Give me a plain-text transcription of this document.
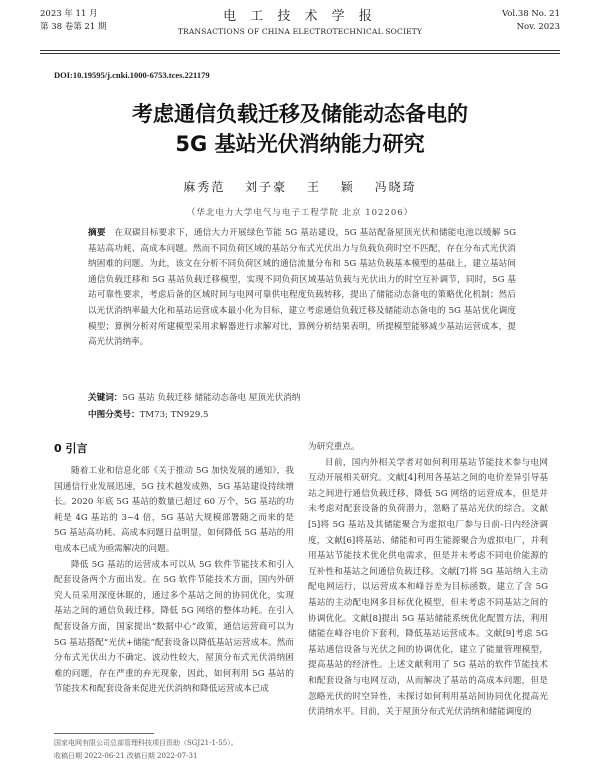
2023 年 11 月
第 38 卷第 21 期
电 工 技 术 学 报
TRANSACTIONS OF CHINA ELECTROTECHNICAL SOCIETY
Vol.38 No. 21
Nov. 2023
DOI:10.19595/j.cnki.1000-6753.tces.221179
考虑通信负载迁移及储能动态备电的
5G 基站光伏消纳能力研究
麻秀范 刘子豪 王 颖 冯晓琦
（华北电力大学电气与电子工程学院 北京 102206）
摘要　 在双碳目标要求下，通信大力开展绿色节能 5G 基站建设，5G 基站配备屋顶光伏和储能电池以缓解 5G 基站高功耗、高成本问题。然而不同负荷区域的基站分布式光伏出力与负载负荷时空不匹配，存在分布式光伏消纳困难的问题。为此，该文在分析不同负荷区域的通信流量分布和 5G 基站负载基本模型的基础上，建立基站间通信负载迁移和 5G 基站负载迁移模型，实现不同负荷区域基站负载与光伏出力的时空互补调节，同时，5G 基站可靠性要求，考虑后备的区域时间与电网可靠供电程度负载转移，提出了储能动态备电的策略优化机制；然后以光伏消纳率最大化和基站运营成本最小化为目标，建立考虑通信负载迁移及储能动态备电的 5G 基站优化调度模型；算例分析对所建模型采用求解器进行求解对比，算例分析结果表明，所提模型能够减少基站运营成本，提高光伏消纳率。
关键词：5G 基站 负载迁移 储能动态备电 屋顶光伏消纳
中图分类号：TM73; TN929.5
0 引言

随着工业和信息化部《关于推动 5G 加快发展的通知》，我国通信行业发展迅速，5G 技术越发成熟，5G 基站建设持续增长。2020 年底 5G 基站的数量已超过 60 万个，5G 基站的功耗是 4G 基站的 3~4 倍，5G 基站大规模部署随之而来的是 5G 基站高功耗、高成本问题日益明显，如何降低 5G 基站的用电成本已成为亟需解决的问题。

降低 5G 基站的运营成本可以从 5G 软件节能技术和引入配套设备两个方面出发。在 5G 软件节能技术方面，国内外研究人员采用深度休眠的，通过多个基站之间的协同优化，实现基站之间的通信负载迁移，降低 5G 网络的整体功耗。在引入配套设备方面，国家提出“数据中心”政策，通信运营商可以为 5G 基站搭配“光伏+储能”配套设备以降低基站运营成本。然而分布式光伏出力不确定、波动性较大，屋顶分布式光伏消纳困难的问题，存在严重的弃光现象，因此，如何利用 5G 基站的节能技术和配套设备来促进光伏消纳和降低运营成本已成

为研究重点。

目前，国内外相关学者对如何利用基站节能技术参与电网互动开展相关研究。文献[4]利用各基站之间的电价差异引导基站之间进行通信负载迁移，降低 5G 网络的运营成本，但是并未考虑对配套设备的负荷潜力，忽略了基站光伏的综合。文献[5]将 5G 基站及其储能聚合为虚拟电厂参与日前-日内经济调度，文献[6]将基站、储能和可再生能源聚合为虚拟电厂，并利用基站节能技术优化供电需求，但是并未考虑不同电价能源的互补性和基站之间通信负载迁移。文献[7]将 5G 基站纳入主动配电网运行，以运营成本和峰谷差为目标函数，建立了含 5G 基站的主动配电网多目标优化模型，但未考虑不同基站之间的协调优化。文献[8]提出 5G 基站储能系统优化配置方法，利用储能在峰谷电价下套利，降低基站运营成本。文献[9]考虑 5G 基站通信设备与光伏之间的协调优化，建立了能量管理模型，提高基站的经济性。上述文献利用了 5G 基站的软件节能技术和配套设备与电网互动，从而解决了基站的高成本问题，但是忽略光伏的时空异性，未探讨如何利用基站间协同优化提高光伏消纳水平。目前，关于屋顶分布式光伏消纳和储能调度的

国家电网有限公司总部管理科技项目资助（SGJ21-1-55）。
收稿日期 2022-06-21 改稿日期 2022-07-31
